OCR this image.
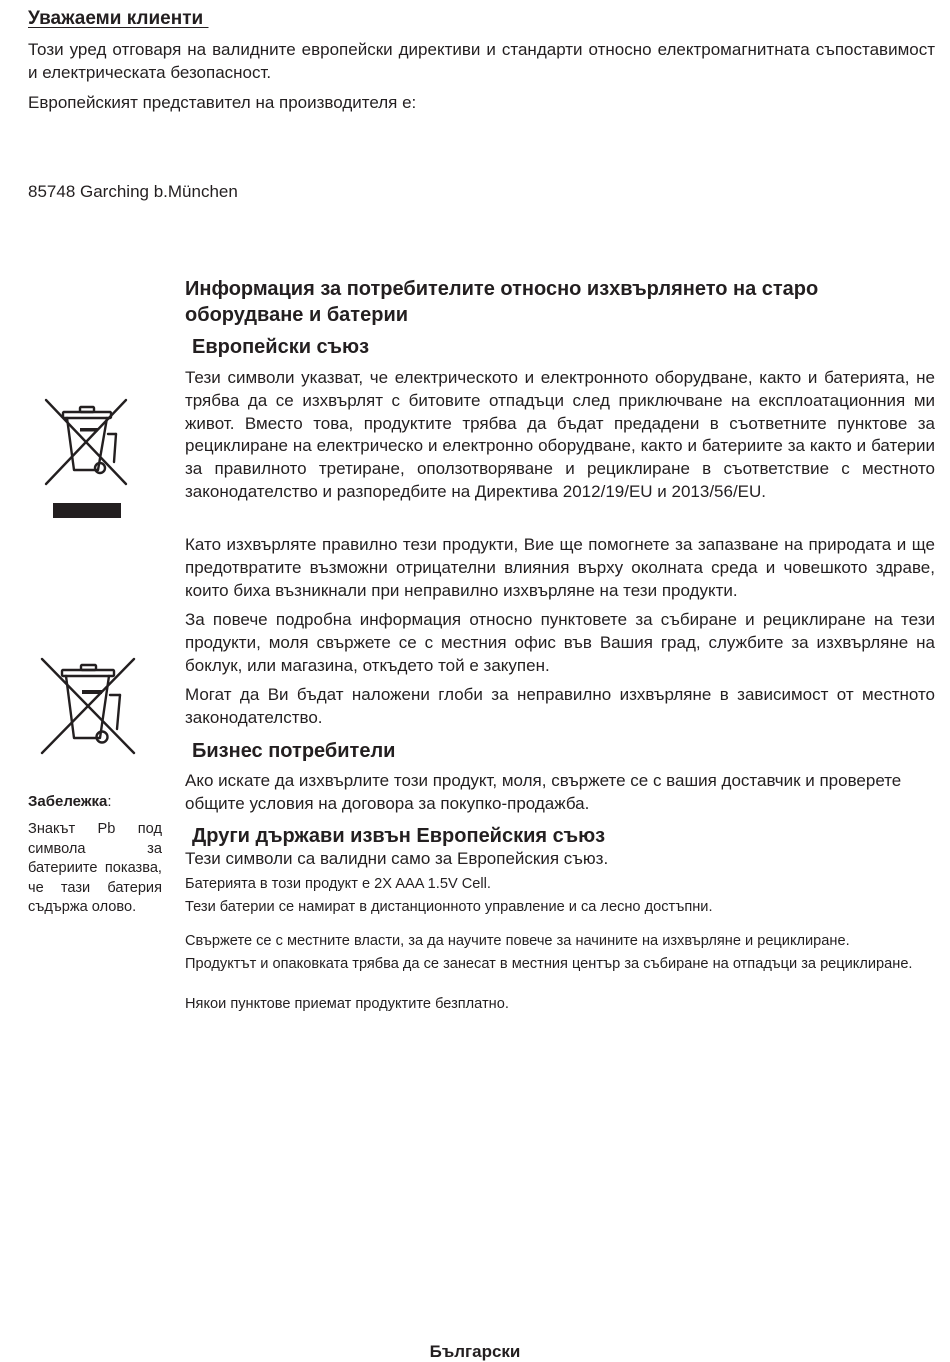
Уважаеми клиенти
Този уред отговаря на валидните европейски директиви и стандарти относно електромагнитната съпоставимост и електрическата безопасност.
Европейският представител на производителя е:
85748 Garching b.München
Информация за потребителите относно изхвърлянето на старо оборудване и батерии
Европейски съюз
Тези символи указват, че електрическото и електронното оборудване, както и батерията, не трябва да се изхвърлят с битовите отпадъци след приключване на експлоатационния ми живот. Вместо това, продуктите трябва да бъдат предадени в съответните пунктове за рециклиране на електрическо и електронно оборудване, както и батериите за както и батерии за правилното третиране, оползотворяване и рециклиране в съответствие с местното законодателство и разпоредбите на Директива 2012/19/EU и 2013/56/EU.
Като изхвърляте правилно тези продукти, Вие ще помогнете за запазване на природата и ще предотвратите възможни отрицателни влияния върху околната среда и човешкото здраве, които биха възникнали при неправилно изхвърляне на тези продукти.
За повече подробна информация относно пунктовете за събиране и рециклиране на тези продукти, моля свържете се с местния офис във Вашия град, службите за изхвърляне на боклук, или магазина, откъдето той е закупен.
Могат да Ви бъдат наложени глоби за неправилно изхвърляне в зависимост от местното законодателство.
Бизнес потребители
Ако искате да изхвърлите този продукт, моля, свържете се с вашия доставчик и проверете общите условия на договора за покупко-продажба.
Други държави извън Европейския съюз
Тези символи са валидни само за Европейския съюз.
Батерията в този продукт е 2X AAA 1.5V Cell.
Тези батерии се намират в дистанционното управление и са лесно достъпни.
Свържете се с местните власти, за да научите повече за начините на изхвърляне и рециклиране.
Продуктът и опаковката трябва да се занесат в местния център за събиране на отпадъци за рециклиране.
Някои пунктове приемат продуктите безплатно.
Забележка:
Знакът Pb под символа за батериите показва, че тази батерия съдържа олово.
Български
